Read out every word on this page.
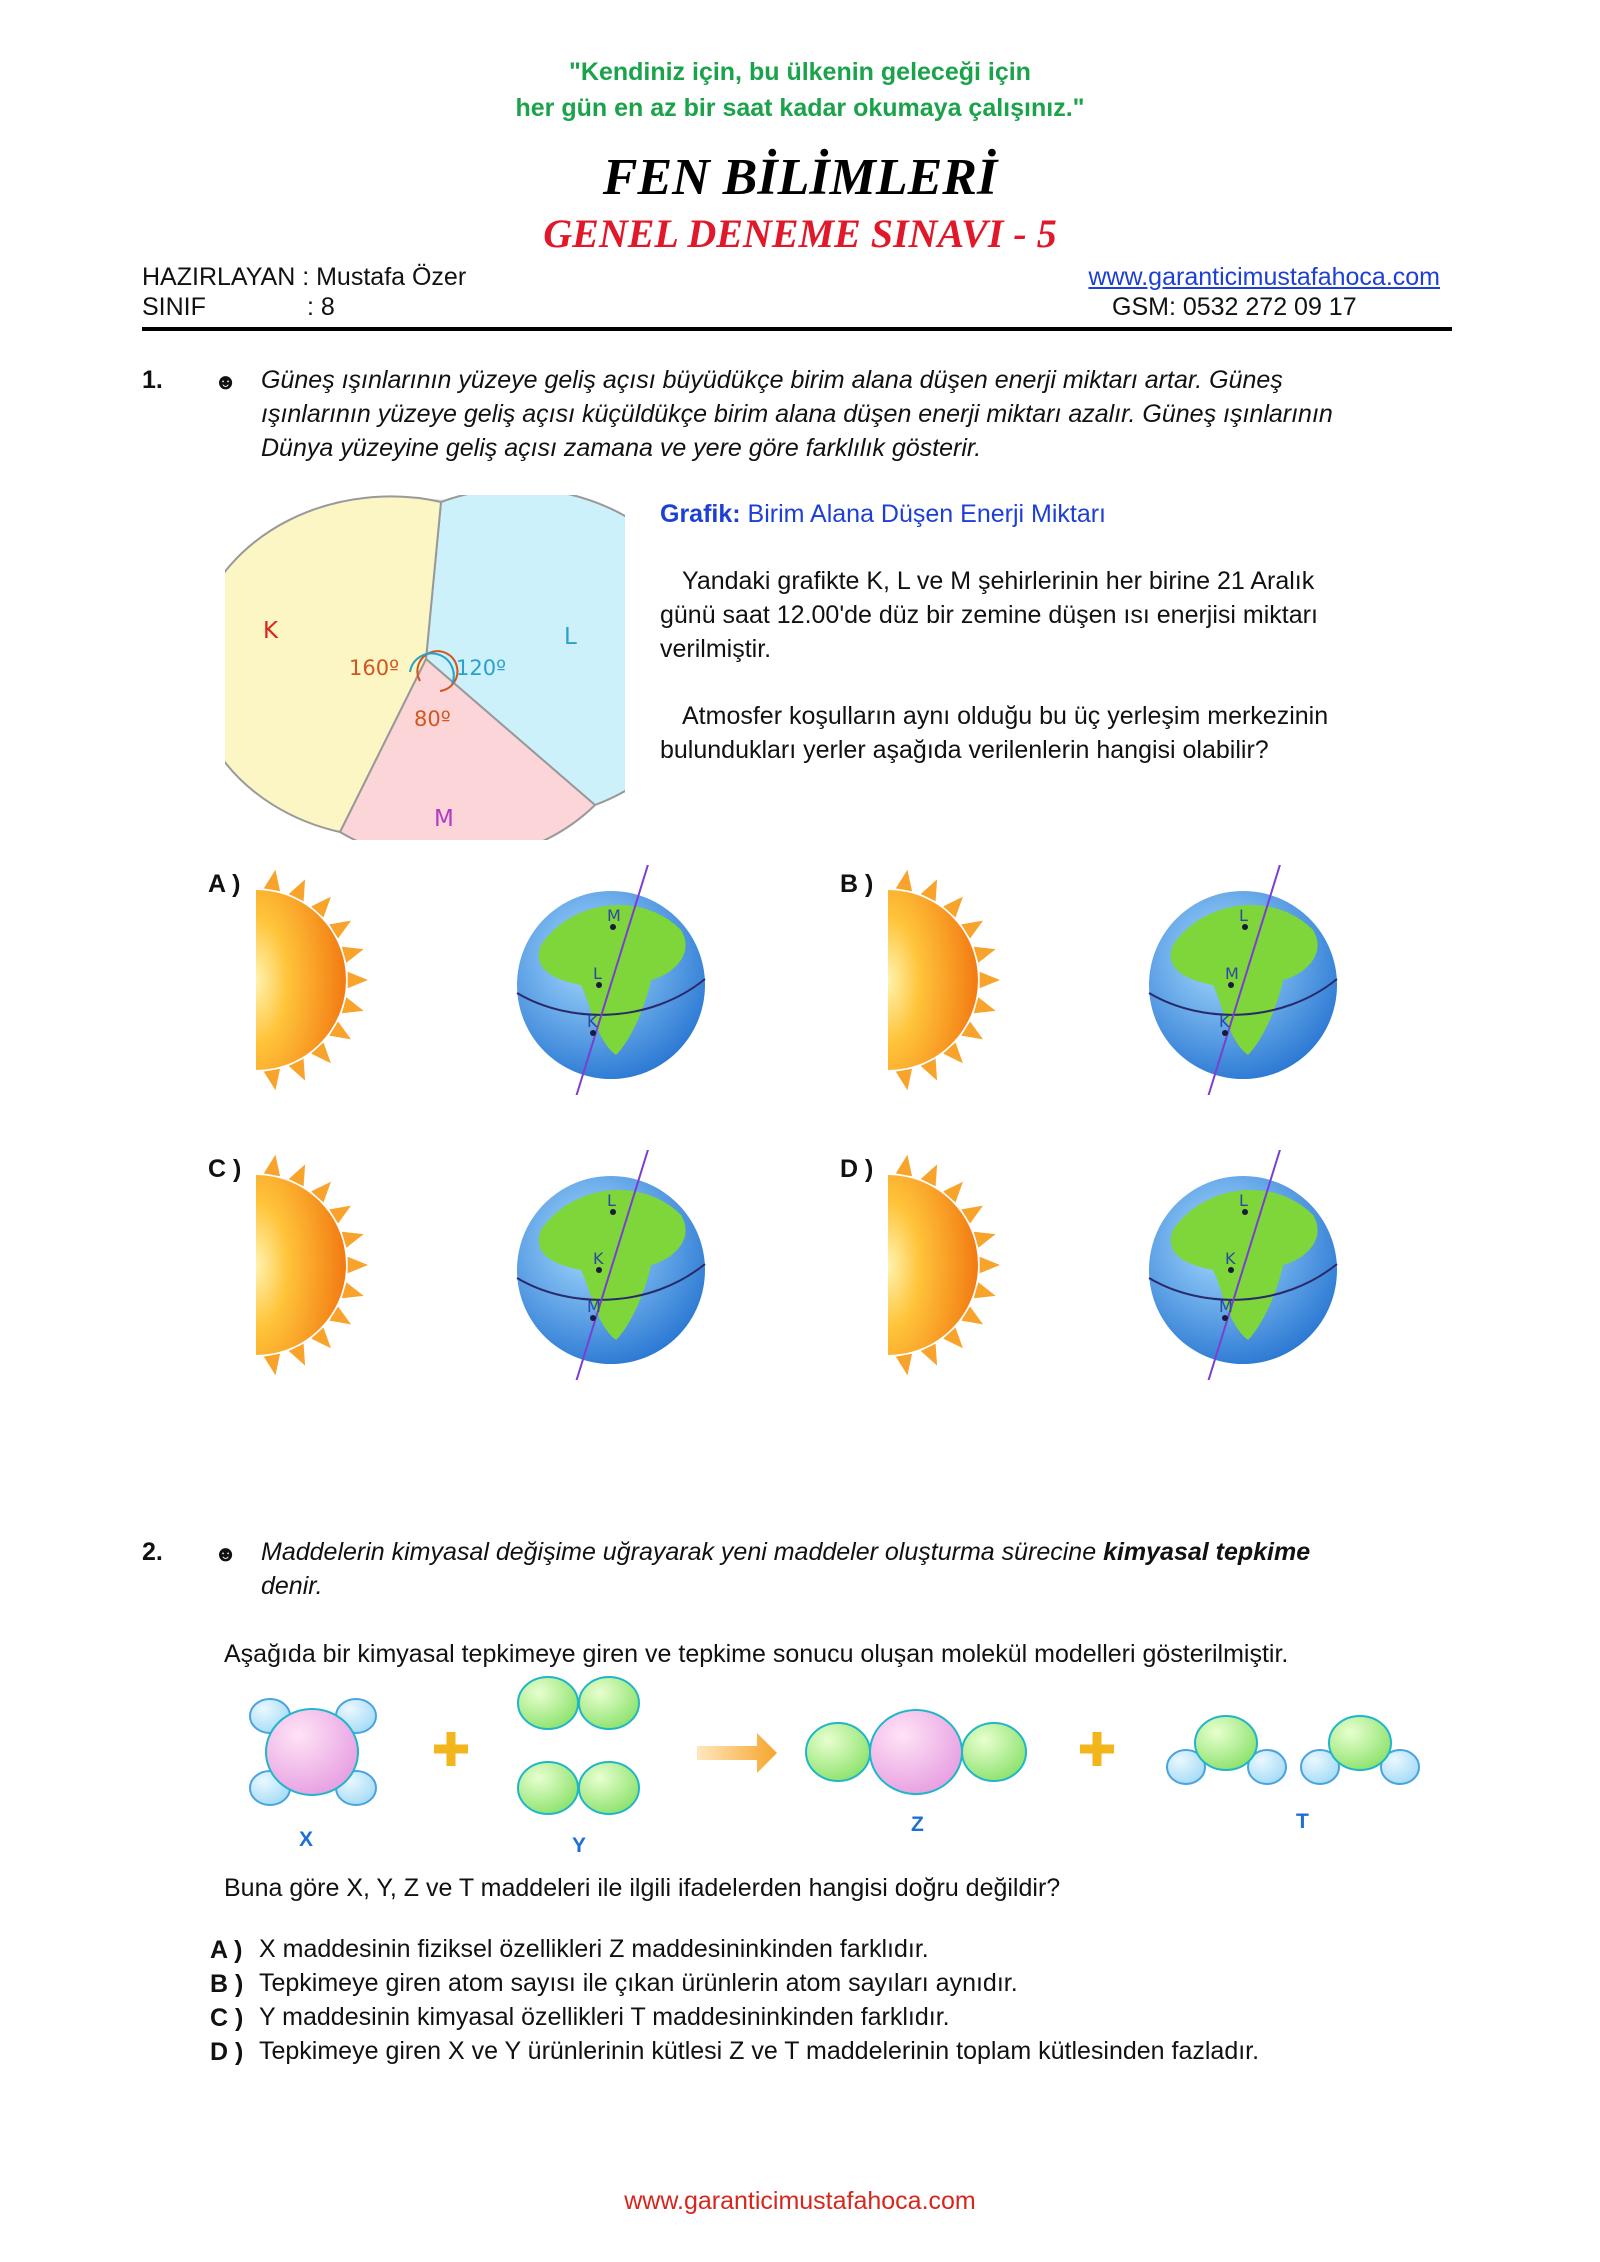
"Kendiniz için, bu ülkenin geleceği için
her gün en az bir saat kadar okumaya çalışınız."
FEN BİLİMLERİ
GENEL DENEME SINAVI - 5
HAZIRLAYAN : Mustafa Özer
SINIF	: 8
www.garanticimustafahoca.com
GSM: 0532 272 09 17
1. ☻ Güneş ışınlarının yüzeye geliş açısı büyüdükçe birim alana düşen enerji miktarı artar. Güneş
ışınlarının yüzeye geliş açısı küçüldükçe birim alana düşen enerji miktarı azalır. Güneş ışınlarının
Dünya yüzeyine geliş açısı zamana ve yere göre farklılık gösterir.
K	L
M
160º	120º
80º
Grafik: Birim Alana Düşen Enerji Miktarı
Yandaki grafikte K, L ve M şehirlerinin her birine 21 Aralık
günü saat 12.00'de düz bir zemine düşen ısı enerjisi miktarı
verilmiştir.
Atmosfer koşulların aynı olduğu bu üç yerleşim merkezinin
bulundukları yerler aşağıda verilenlerin hangisi olabilir?
A )
M
L
K
B )
L
M
K
C )
L
K
M
D )
L
K
M
2. ☻ Maddelerin kimyasal değişime uğrayarak yeni maddeler oluşturma sürecine kimyasal tepkime
denir.
Aşağıda bir kimyasal tepkimeye giren ve tepkime sonucu oluşan molekül modelleri gösterilmiştir.
X	Y
Z	T
Buna göre X, Y, Z ve T maddeleri ile ilgili ifadelerden hangisi doğru değildir?
A ) X maddesinin fiziksel özellikleri Z maddesininkinden farklıdır.
B ) Tepkimeye giren atom sayısı ile çıkan ürünlerin atom sayıları aynıdır.
C ) Y maddesinin kimyasal özellikleri T maddesininkinden farklıdır.
D ) Tepkimeye giren X ve Y ürünlerinin kütlesi Z ve T maddelerinin toplam kütlesinden fazladır.
www.garanticimustafahoca.com
